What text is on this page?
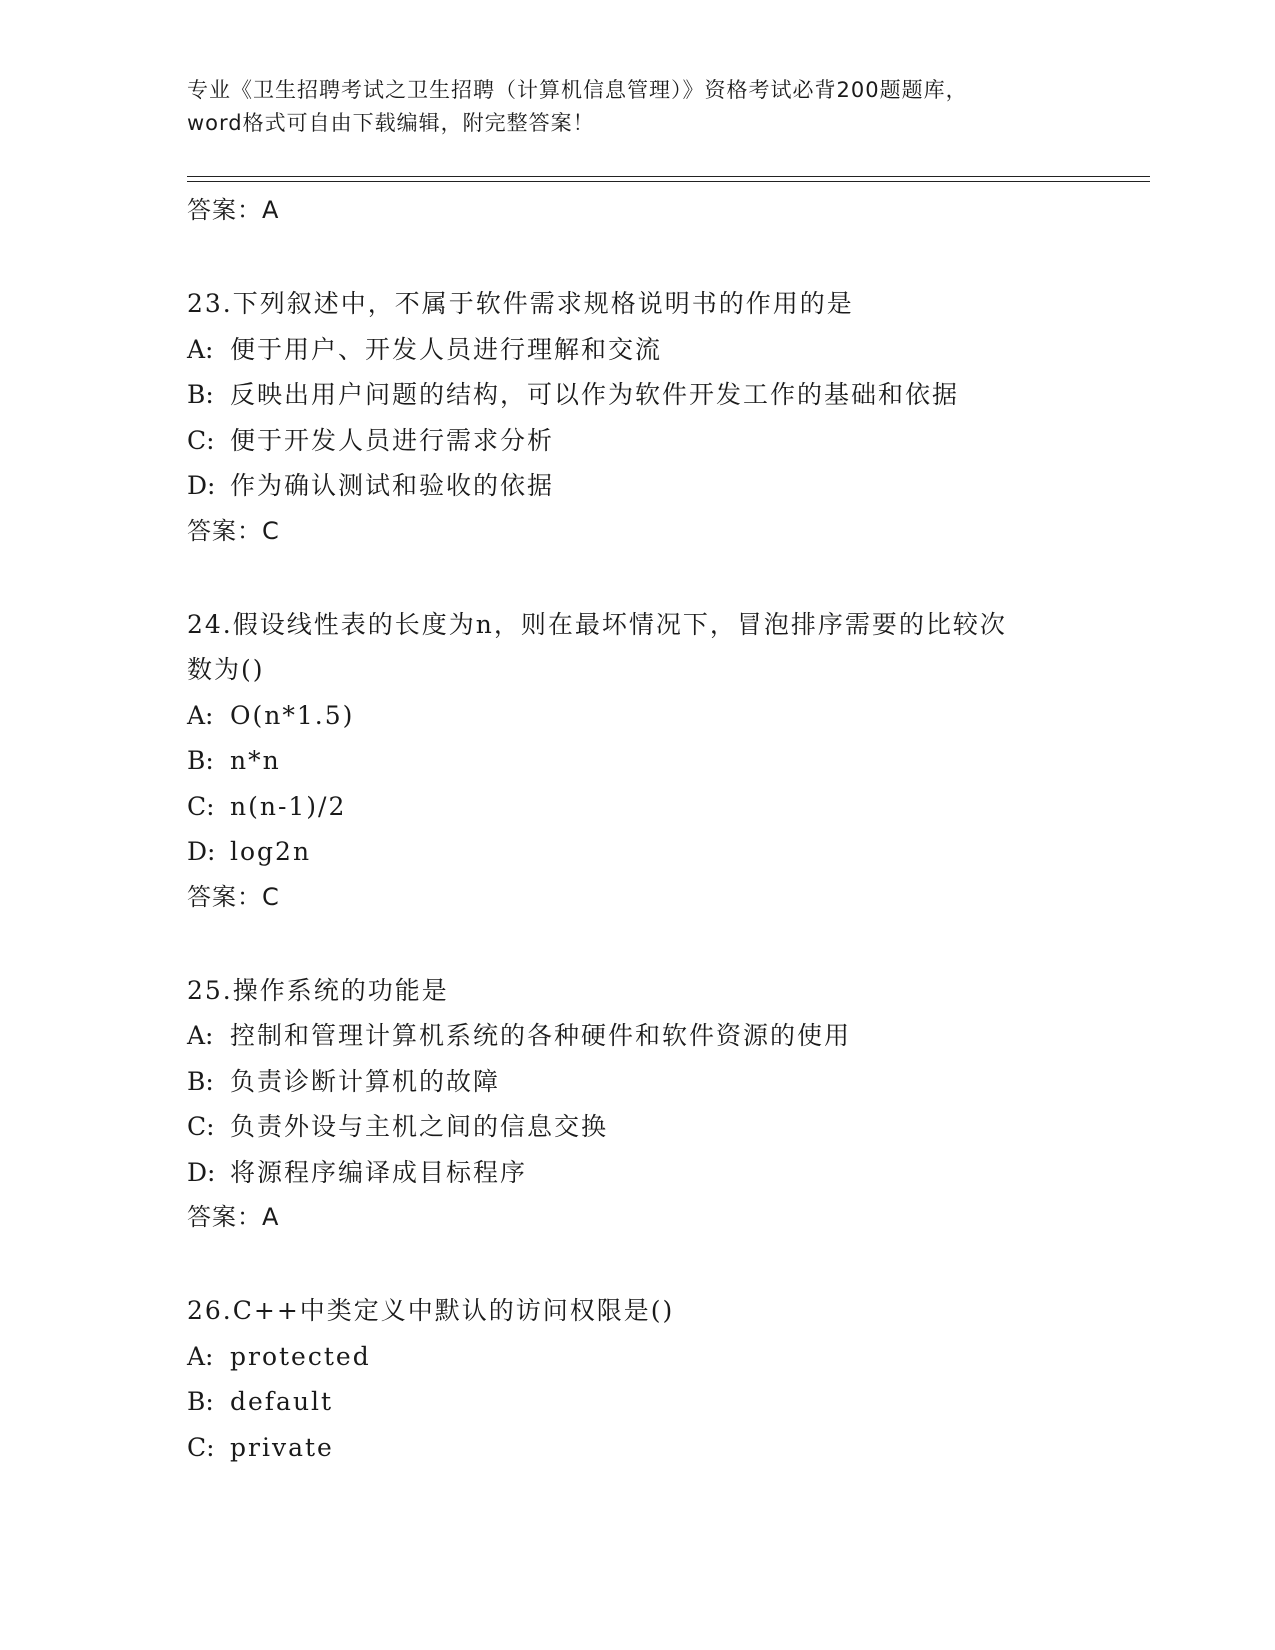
专业《卫生招聘考试之卫生招聘（计算机信息管理）》资格考试必背200题题库，
word格式可自由下载编辑，附完整答案！
答案：A
23.下列叙述中，不属于软件需求规格说明书的作用的是
A: 便于用户、开发人员进行理解和交流
B: 反映出用户问题的结构，可以作为软件开发工作的基础和依据
C: 便于开发人员进行需求分析
D: 作为确认测试和验收的依据
答案：C
24.假设线性表的长度为n，则在最坏情况下，冒泡排序需要的比较次
数为()
A: O(n*1.5)
B: n*n
C: n(n-1)/2
D: log2n
答案：C
25.操作系统的功能是
A: 控制和管理计算机系统的各种硬件和软件资源的使用
B: 负责诊断计算机的故障
C: 负责外设与主机之间的信息交换
D: 将源程序编译成目标程序
答案：A
26.C++中类定义中默认的访问权限是()
A: protected
B: default
C: private
